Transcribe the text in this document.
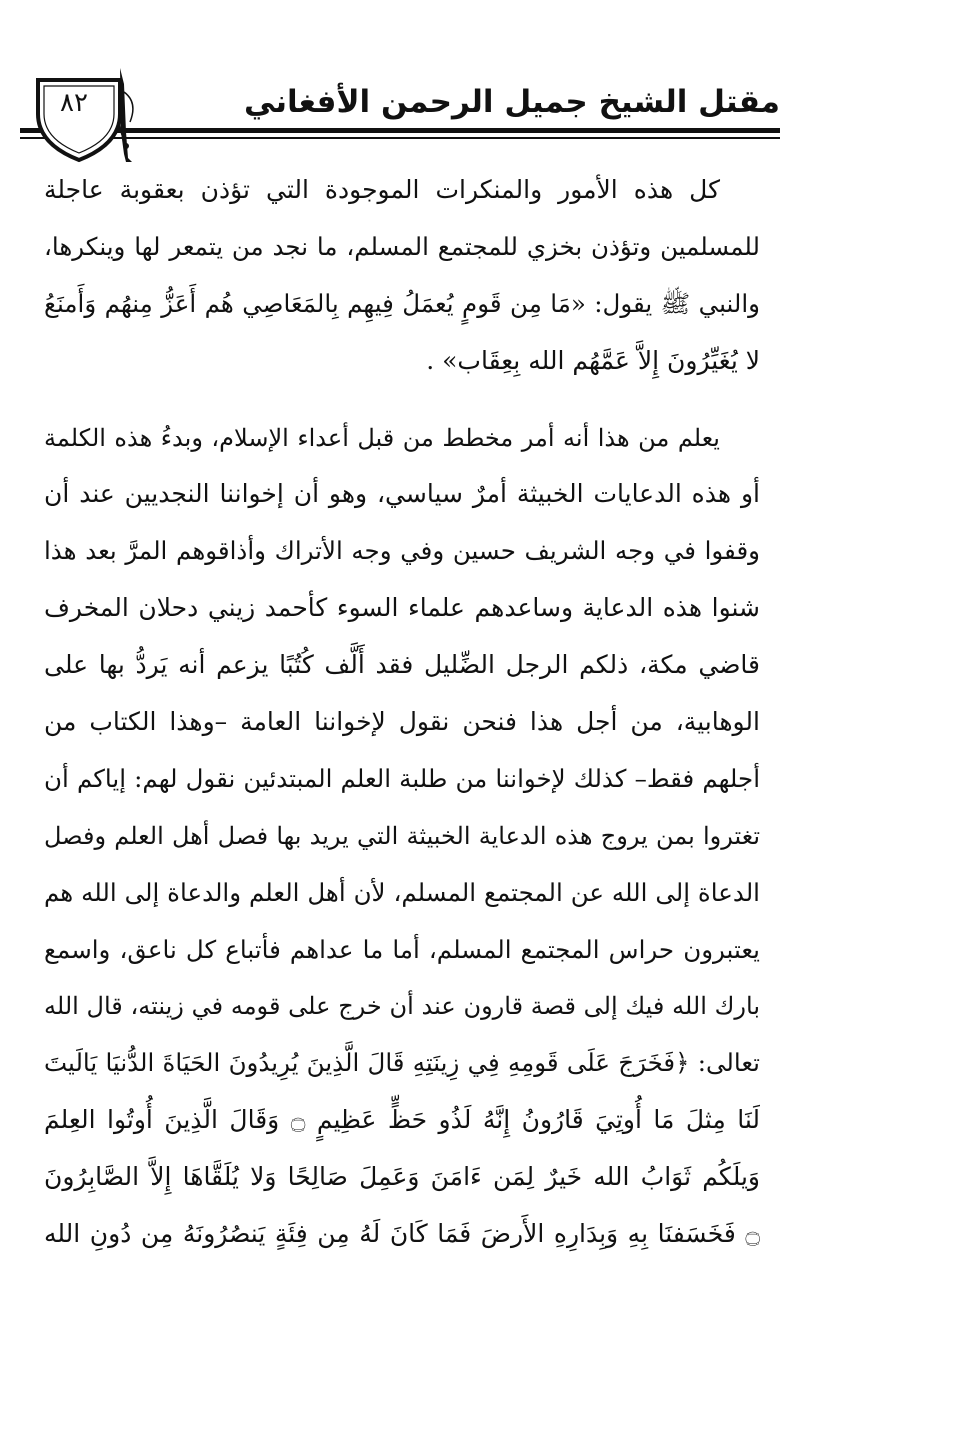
مقتل الشيخ جميل الرحمن الأفغاني
٨٢
كل هذه الأمور والمنكرات الموجودة التي تؤذن بعقوبة عاجلة
للمسلمين وتؤذن بخزي للمجتمع المسلم، ما نجد من يتمعر لها وينكرها،
والنبي ﷺ يقول: «مَا مِن قَومٍ يُعمَلُ فِيهِم بِالمَعَاصِي هُم أَعَزُّ مِنهُم وَأَمنَعُ
لا يُغَيِّرُونَ إِلاَّ عَمَّهُم الله بِعِقَاب» .
يعلم من هذا أنه أمر مخطط من قبل أعداء الإسلام، وبدءُ هذه الكلمة
أو هذه الدعايات الخبيثة أمرٌ سياسي، وهو أن إخواننا النجديين عند أن
وقفوا في وجه الشريف حسين وفي وجه الأتراك وأذاقوهم المرَّ بعد هذا
شنوا هذه الدعاية وساعدهم علماء السوء كأحمد زيني دحلان المخرف
قاضي مكة، ذلكم الرجل الضِّليل فقد أَلَّف كُتُبًا يزعم أنه يَردُّ بها على
الوهابية، من أجل هذا فنحن نقول لإخواننا العامة –وهذا الكتاب من
أجلهم فقط– كذلك لإخواننا من طلبة العلم المبتدئين نقول لهم: إياكم أن
تغتروا بمن يروج هذه الدعاية الخبيثة التي يريد بها فصل أهل العلم وفصل
الدعاة إلى الله عن المجتمع المسلم، لأن أهل العلم والدعاة إلى الله هم
يعتبرون حراس المجتمع المسلم، أما ما عداهم فأتباع كل ناعق، واسمع
بارك الله فيك إلى قصة قارون عند أن خرج على قومه في زينته، قال الله
تعالى: ﴿فَخَرَجَ عَلَى قَومِهِ فِي زِينَتِهِ قَالَ الَّذِينَ يُرِيدُونَ الحَيَاةَ الدُّنيَا يَالَيتَ
لَنَا مِثلَ مَا أُوتِيَ قَارُونُ إِنَّهُ لَذُو حَظٍّ عَظِيمٍ ۝ وَقَالَ الَّذِينَ أُوتُوا العِلمَ
وَيلَكُم ثَوَابُ الله خَيرٌ لِمَن ءَامَنَ وَعَمِلَ صَالِحًا وَلا يُلَقَّاهَا إِلاَّ الصَّابِرُونَ
۝ فَخَسَفنَا بِهِ وَبِدَارِهِ الأَرضَ فَمَا كَانَ لَهُ مِن فِئَةٍ يَنصُرُونَهُ مِن دُونِ الله
